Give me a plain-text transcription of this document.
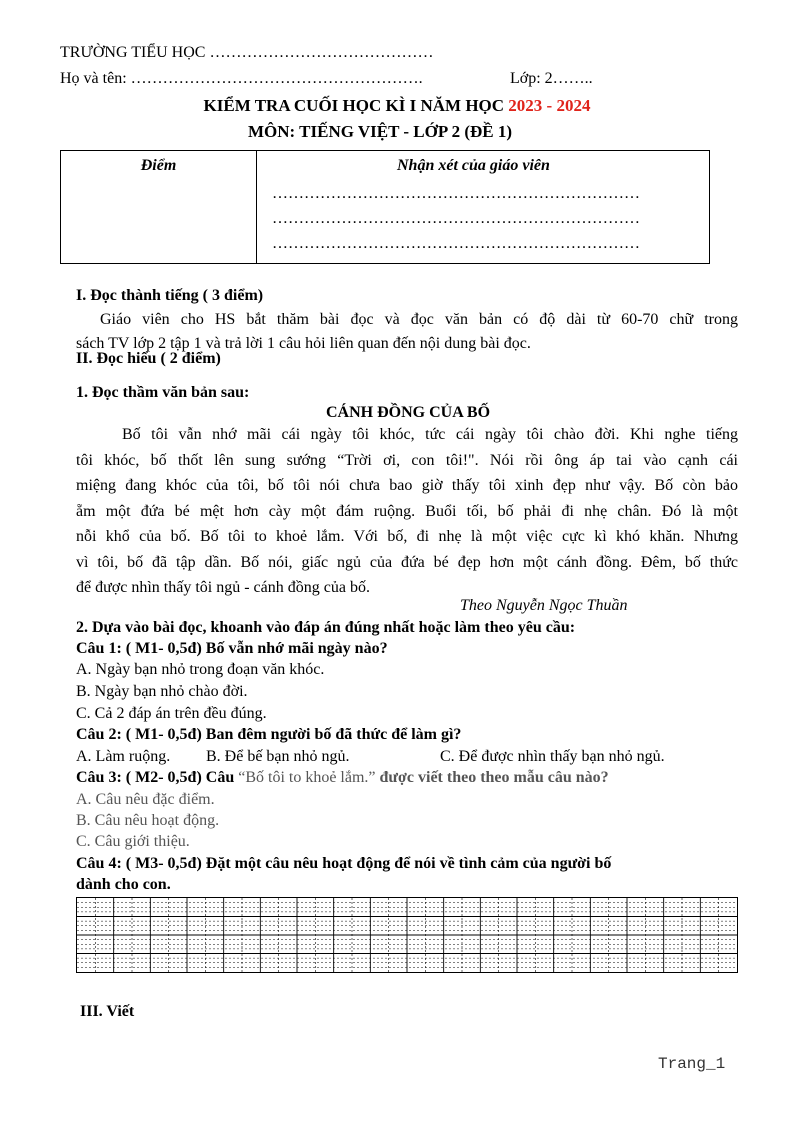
TRƯỜNG TIỂU HỌC ……………………………………
Họ và tên: ……………………………………………….	Lớp: 2……..
KIỂM TRA CUỐI HỌC KÌ I NĂM HỌC 2023 - 2024
MÔN: TIẾNG VIỆT - LỚP 2 (ĐỀ 1)
Điểm	Nhận xét của giáo viên
……………………………………………………………
……………………………………………………………
……………………………………………………………
I. Đọc thành tiếng ( 3 điểm)
Giáo viên cho HS bắt thăm bài đọc và đọc văn bản có độ dài từ 60-70 chữ trong
sách TV lớp 2 tập 1 và trả lời 1 câu hỏi liên quan đến nội dung bài đọc.
II. Đọc hiểu ( 2 điểm)
1. Đọc thầm văn bản sau:
CÁNH ĐỒNG CỦA BỐ
Bố tôi vẫn nhớ mãi cái ngày tôi khóc, tức cái ngày tôi chào đời. Khi nghe tiếng
tôi khóc, bố thốt lên sung sướng “Trời ơi, con tôi!". Nói rồi ông áp tai vào cạnh cái
miệng đang khóc của tôi, bố tôi nói chưa bao giờ thấy tôi xinh đẹp như vậy. Bố còn bảo
ẵm một đứa bé mệt hơn cày một đám ruộng. Buổi tối, bố phải đi nhẹ chân. Đó là một
nỗi khổ của bố. Bố tôi to khoẻ lắm. Với bố, đi nhẹ là một việc cực kì khó khăn. Nhưng
vì tôi, bố đã tập dần. Bố nói, giấc ngủ của đứa bé đẹp hơn một cánh đồng. Đêm, bố thức
để được nhìn thấy tôi ngủ - cánh đồng của bố.
Theo Nguyễn Ngọc Thuần
2. Dựa vào bài đọc, khoanh vào đáp án đúng nhất hoặc làm theo yêu cầu:
Câu 1: ( M1- 0,5đ) Bố vẫn nhớ mãi ngày nào?
A. Ngày bạn nhỏ trong đoạn văn khóc.
B. Ngày bạn nhỏ chào đời.
C. Cả 2 đáp án trên đều đúng.
Câu 2: ( M1- 0,5đ) Ban đêm người bố đã thức để làm gì?
A. Làm ruộng. B. Để bế bạn nhỏ ngủ.	C. Để được nhìn thấy bạn nhỏ ngủ.
Câu 3: ( M2- 0,5đ) Câu “Bố tôi to khoẻ lắm.” được viết theo theo mẫu câu nào?
A. Câu nêu đặc điểm.
B. Câu nêu hoạt động.
C. Câu giới thiệu.
Câu 4: ( M3- 0,5đ) Đặt một câu nêu hoạt động để nói về tình cảm của người bố
dành cho con.
III. Viết
Trang_1
